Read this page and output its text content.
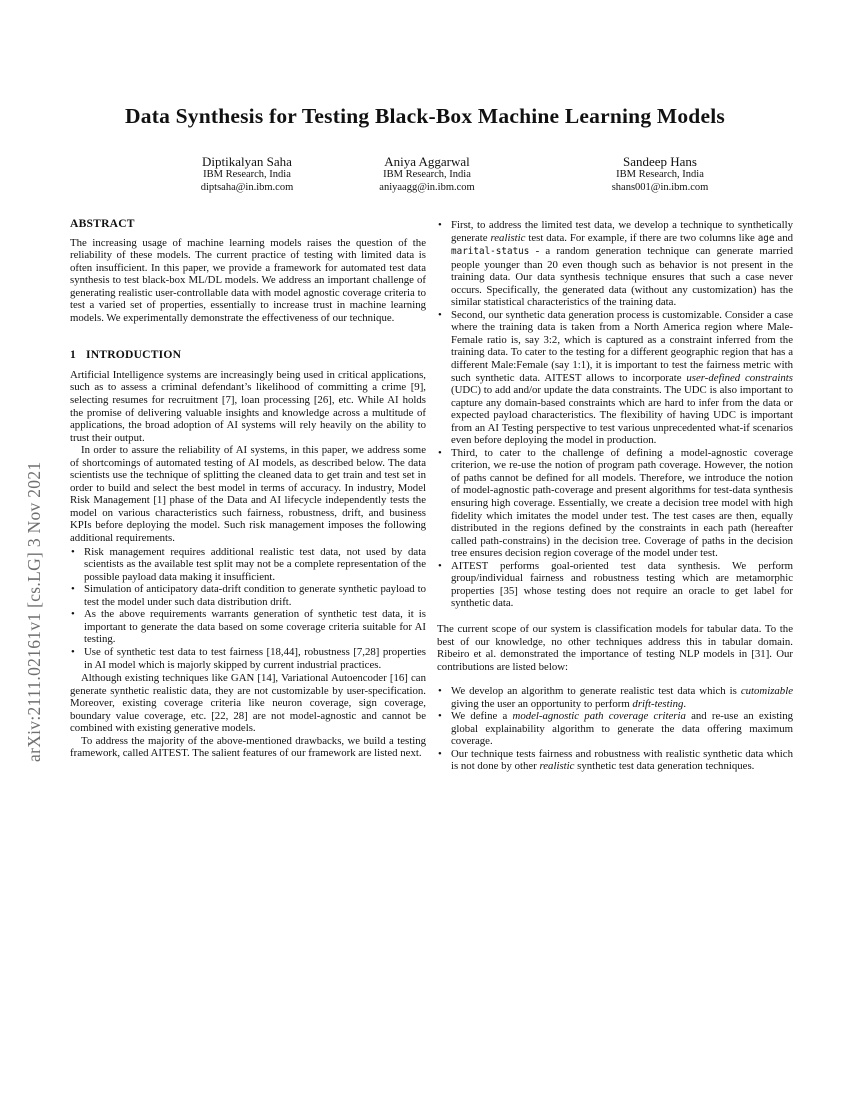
arXiv:2111.02161v1 [cs.LG] 3 Nov 2021
Data Synthesis for Testing Black-Box Machine Learning Models
Diptikalyan Saha
IBM Research, India
diptsaha@in.ibm.com
Aniya Aggarwal
IBM Research, India
aniyaagg@in.ibm.com
Sandeep Hans
IBM Research, India
shans001@in.ibm.com
ABSTRACT

The increasing usage of machine learning models raises the question of the reliability of these models. The current practice of testing with limited data is often insufficient. In this paper, we provide a framework for automated test data synthesis to test black-box ML/DL models. We address an important challenge of generating realistic user-controllable data with model agnostic coverage criteria to test a varied set of properties, essentially to increase trust in machine learning models. We experimentally demonstrate the effectiveness of our technique.

1 INTRODUCTION

Artificial Intelligence systems are increasingly being used in critical applications, such as to assess a criminal defendant’s likelihood of committing a crime [9], selecting resumes for recruitment [7], loan processing [26], etc. While AI holds the promise of delivering valuable insights and knowledge across a multitude of applications, the broad adoption of AI systems will rely heavily on the ability to trust their output.

In order to assure the reliability of AI systems, in this paper, we address some of shortcomings of automated testing of AI models, as described below. The data scientists use the technique of splitting the cleaned data to get train and test set in order to build and select the best model in terms of accuracy. In industry, Model Risk Management [1] phase of the Data and AI lifecycle independently tests the model on various characteristics such fairness, robustness, drift, and business KPIs before deploying the model. Such risk management imposes the following additional requirements.

• Risk management requires additional realistic test data, not used by data scientists as the available test split may not be a complete representation of the possible payload data making it insufficient.
• Simulation of anticipatory data-drift condition to generate synthetic payload to test the model under such data distribution drift.
• As the above requirements warrants generation of synthetic test data, it is important to generate the data based on some coverage criteria suitable for AI testing.
• Use of synthetic test data to test fairness [18,44], robustness [7,28] properties in AI model which is majorly skipped by current industrial practices.

Although existing techniques like GAN [14], Variational Autoencoder [16] can generate synthetic realistic data, they are not customizable by user-specification. Moreover, existing coverage criteria like neuron coverage, sign coverage, boundary value coverage, etc. [22, 28] are not model-agnostic and cannot be combined with existing generative models.

To address the majority of the above-mentioned drawbacks, we build a testing framework, called AITEST. The salient features of our framework are listed next.

• First, to address the limited test data, we develop a technique to synthetically generate realistic test data. For example, if there are two columns like age and marital-status - a random generation technique can generate married people younger than 20 even though such as behavior is not present in the training data. Our data synthesis technique ensures that such a case never occurs. Specifically, the generated data (without any customization) has the similar statistical characteristics of the training data.
• Second, our synthetic data generation process is customizable. Consider a case where the training data is taken from a North America region where Male-Female ratio is, say 3:2, which is captured as a constraint inferred from the training data. To cater to the testing for a different geographic region that has a different Male:Female (say 1:1), it is important to test the fairness metric with such synthetic data. AITEST allows to incorporate user-defined constraints (UDC) to add and/or update the data constraints. The UDC is also important to capture any domain-based constraints which are hard to infer from the data or expected payload characteristics. The flexibility of having UDC is important from an AI Testing perspective to test various unprecedented what-if scenarios even before deploying the model in production.
• Third, to cater to the challenge of defining a model-agnostic coverage criterion, we re-use the notion of program path coverage. However, the notion of paths cannot be defined for all models. Therefore, we introduce the notion of model-agnostic path-coverage and present algorithms for test-data synthesis ensuring high coverage. Essentially, we create a decision tree model with high fidelity which imitates the model under test. The test cases are then, equally distributed in the regions defined by the constraints in each path (hereafter called path-constrains) in the decision tree. Coverage of paths in the decision tree ensures decision region coverage of the model under test.
• AITEST performs goal-oriented test data synthesis. We perform group/individual fairness and robustness testing which are metamorphic properties [35] whose testing does not require an oracle to get label for synthetic data.

The current scope of our system is classification models for tabular data. To the best of our knowledge, no other techniques address this in tabular domain. Ribeiro et al. demonstrated the importance of testing NLP models in [31]. Our contributions are listed below:

• We develop an algorithm to generate realistic test data which is cutomizable giving the user an opportunity to perform drift-testing.
• We define a model-agnostic path coverage criteria and re-use an existing global explainability algorithm to generate the data offering maximum coverage.
• Our technique tests fairness and robustness with realistic synthetic data which is not done by other realistic synthetic test data generation techniques.
